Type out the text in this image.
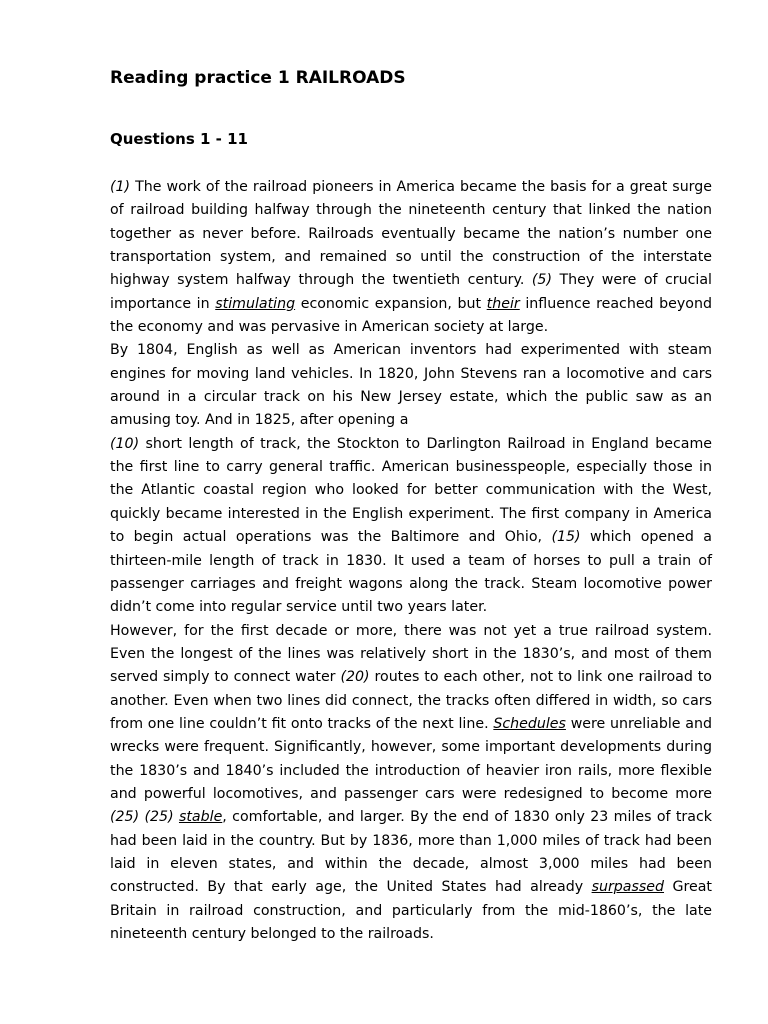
Reading practice 1 RAILROADS
Questions 1 - 11

(1) The work of the railroad pioneers in America became the basis for a great surge of railroad building halfway through the nineteenth century that linked the nation together as never before. Railroads eventually became the nation’s number one transportation system, and remained so until the construction of the interstate highway system halfway through the twentieth century. (5) They were of crucial importance in stimulating economic expansion, but their influence reached beyond the economy and was pervasive in American society at large.

By 1804, English as well as American inventors had experimented with steam engines for moving land vehicles. In 1820, John Stevens ran a locomotive and cars around in a circular track on his New Jersey estate, which the public saw as an amusing toy. And in 1825, after opening a

(10) short length of track, the Stockton to Darlington Railroad in England became the first line to carry general traffic. American businesspeople, especially those in the Atlantic coastal region who looked for better communication with the West, quickly became interested in the English experiment. The first company in America to begin actual operations was the Baltimore and Ohio, (15) which opened a thirteen-mile length of track in 1830. It used a team of horses to pull a train of passenger carriages and freight wagons along the track. Steam locomotive power didn’t come into regular service until two years later.

However, for the first decade or more, there was not yet a true railroad system. Even the longest of the lines was relatively short in the 1830’s, and most of them served simply to connect water (20) routes to each other, not to link one railroad to another. Even when two lines did connect, the tracks often differed in width, so cars from one line couldn’t fit onto tracks of the next line. Schedules were unreliable and wrecks were frequent. Significantly, however, some important developments during the 1830’s and 1840’s included the introduction of heavier iron rails, more flexible and powerful locomotives, and passenger cars were redesigned to become more (25) (25) stable, comfortable, and larger. By the end of 1830 only 23 miles of track had been laid in the country. But by 1836, more than 1,000 miles of track had been laid in eleven states, and within the decade, almost 3,000 miles had been constructed. By that early age, the United States had already surpassed Great Britain in railroad construction, and particularly from the mid-1860’s, the late nineteenth century belonged to the railroads.
